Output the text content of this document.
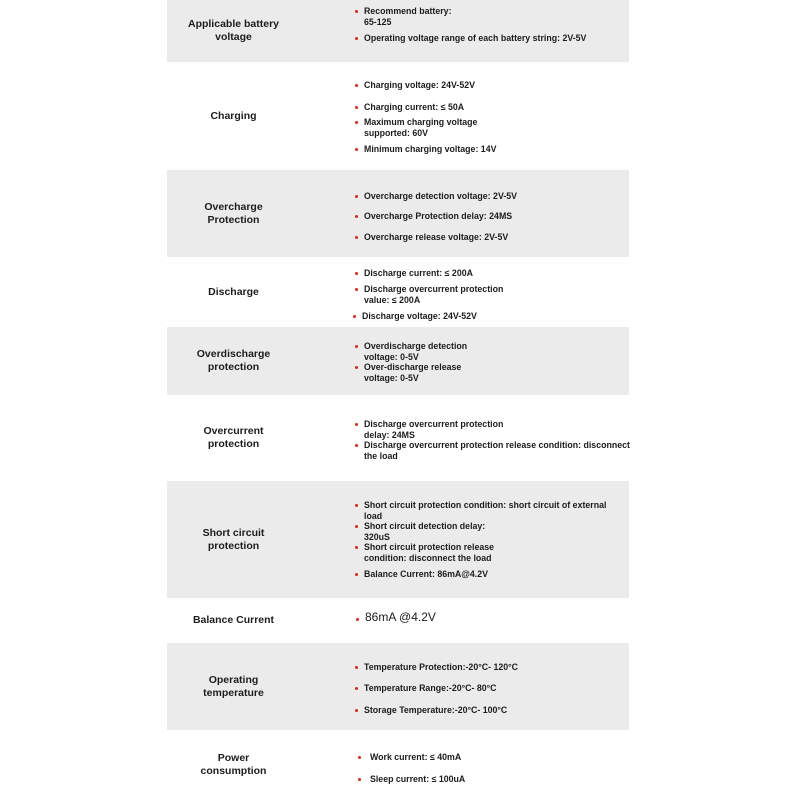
Applicable battery
voltage
Recommend battery:
65-125
Operating voltage range of each battery string: 2V-5V
Charging
Charging voltage: 24V-52V
Charging current: ≤ 50A
Maximum charging voltage
supported: 60V
Minimum charging voltage: 14V
Overcharge
Protection
Overcharge detection voltage: 2V-5V
Overcharge Protection delay: 24MS
Overcharge release voltage: 2V-5V
Discharge
Discharge current: ≤ 200A
Discharge overcurrent protection
value: ≤ 200A
Discharge voltage: 24V-52V
Overdischarge
protection
Overdischarge detection
voltage: 0-5V
Over-discharge release
voltage: 0-5V
Overcurrent
protection
Discharge overcurrent protection
delay: 24MS
Discharge overcurrent protection release condition: disconnect
the load
Short circuit
protection
Short circuit protection condition: short circuit of external
load
Short circuit detection delay:
320uS
Short circuit protection release
condition: disconnect the load
Balance Current: 86mA@4.2V
Balance Current	86mA @4.2V
Operating
temperature
Temperature Protection:-20°C- 120°C
Temperature Range:-20°C- 80°C
Storage Temperature:-20°C- 100°C
Power
consumption
Work current: ≤ 40mA
Sleep current: ≤ 100uA
